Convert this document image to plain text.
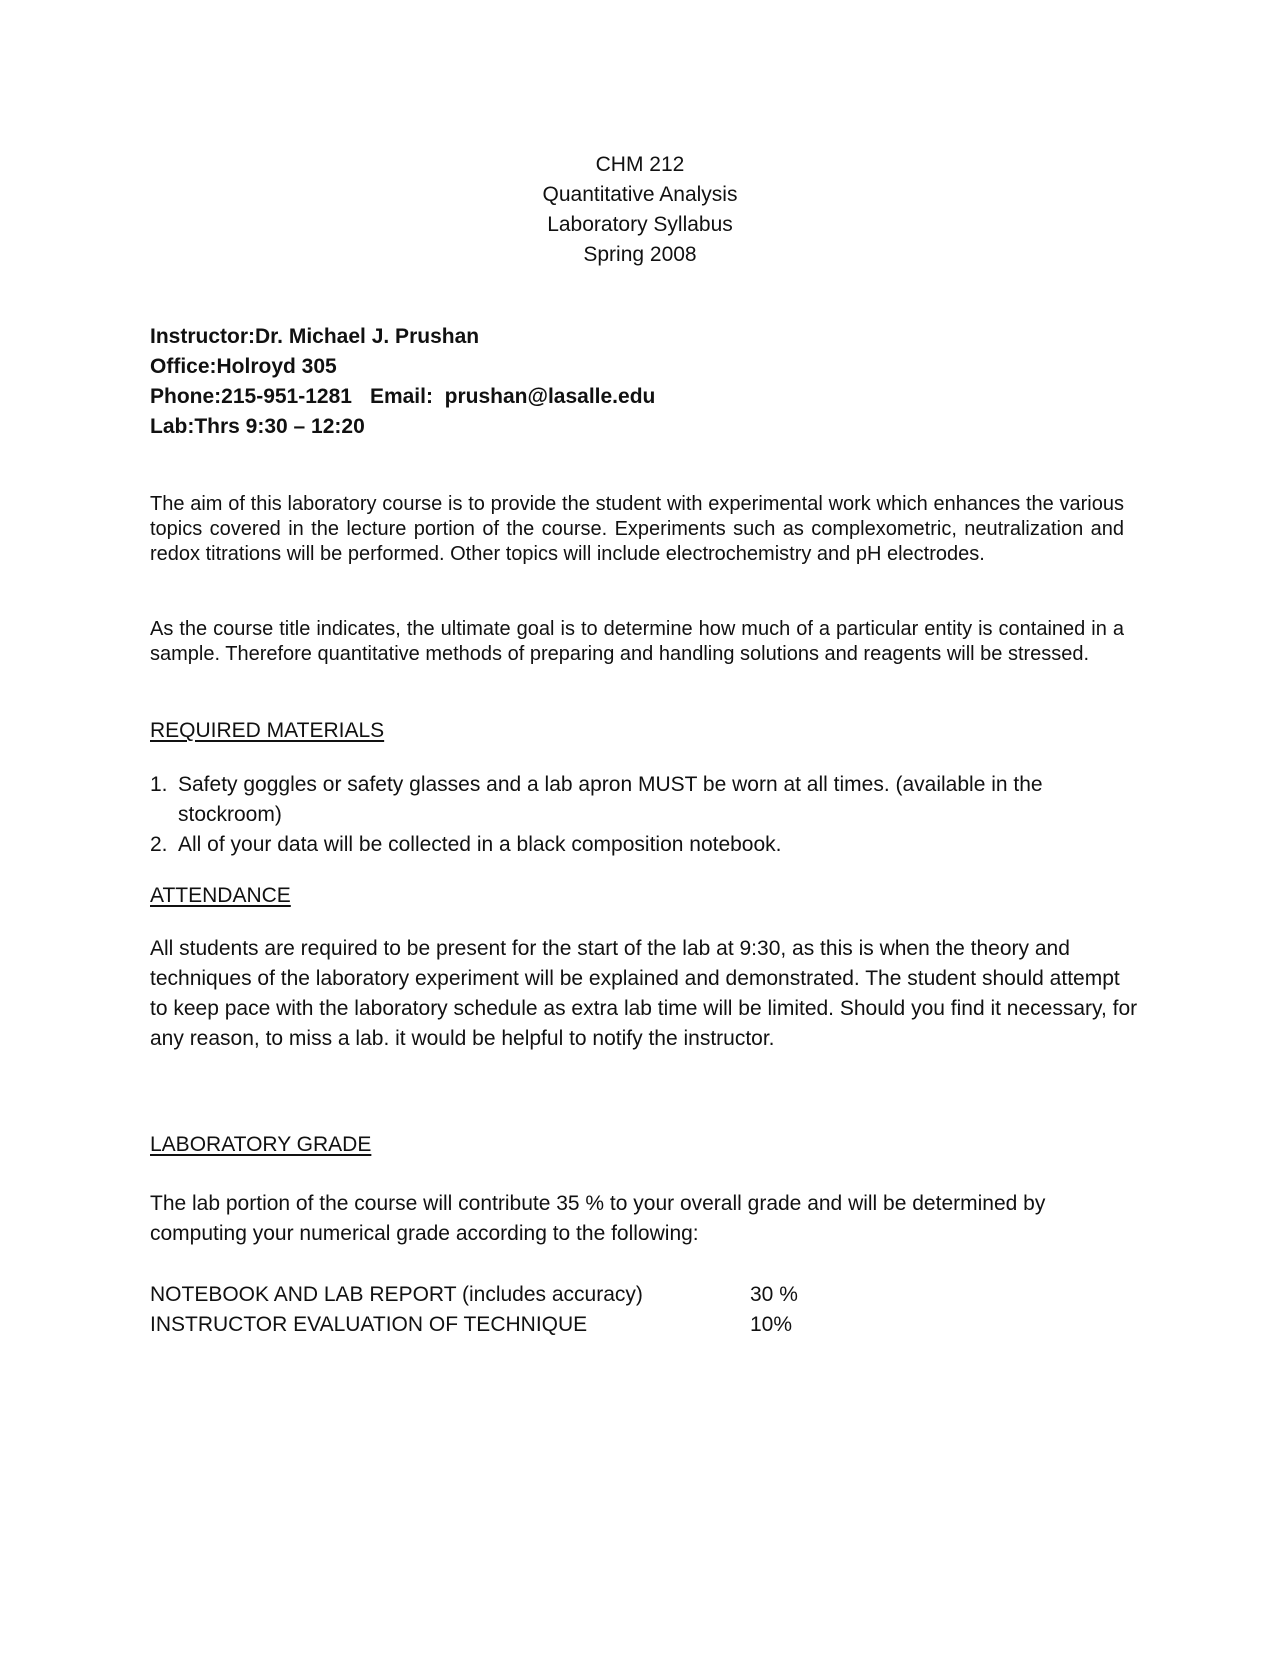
CHM 212
Quantitative Analysis
Laboratory Syllabus
Spring 2008
Instructor:Dr. Michael J. Prushan
Office:Holroyd 305
Phone:215-951-1281 Email:  prushan@lasalle.edu
Lab:Thrs 9:30 – 12:20
The aim of this laboratory course is to provide the student with experimental work which enhances the various topics covered in the lecture portion of the course. Experiments such as complexometric, neutralization and redox titrations will be performed. Other topics will include electrochemistry and pH electrodes.
As the course title indicates, the ultimate goal is to determine how much of a particular entity is contained in a sample. Therefore quantitative methods of preparing and handling solutions and reagents will be stressed.
REQUIRED MATERIALS
1. Safety goggles or safety glasses and a lab apron MUST be worn at all times. (available in the stockroom)
2. All of your data will be collected in a black composition notebook.
ATTENDANCE
All students are required to be present for the start of the lab at 9:30, as this is when the theory and techniques of the laboratory experiment will be explained and demonstrated. The student should attempt to keep pace with the laboratory schedule as extra lab time will be limited. Should you find it necessary, for any reason, to miss a lab. it would be helpful to notify the instructor.
LABORATORY GRADE
The lab portion of the course will contribute 35 % to your overall grade and will be determined by computing your numerical grade according to the following:
NOTEBOOK AND LAB REPORT (includes accuracy)	30 %
INSTRUCTOR EVALUATION OF TECHNIQUE	10%
